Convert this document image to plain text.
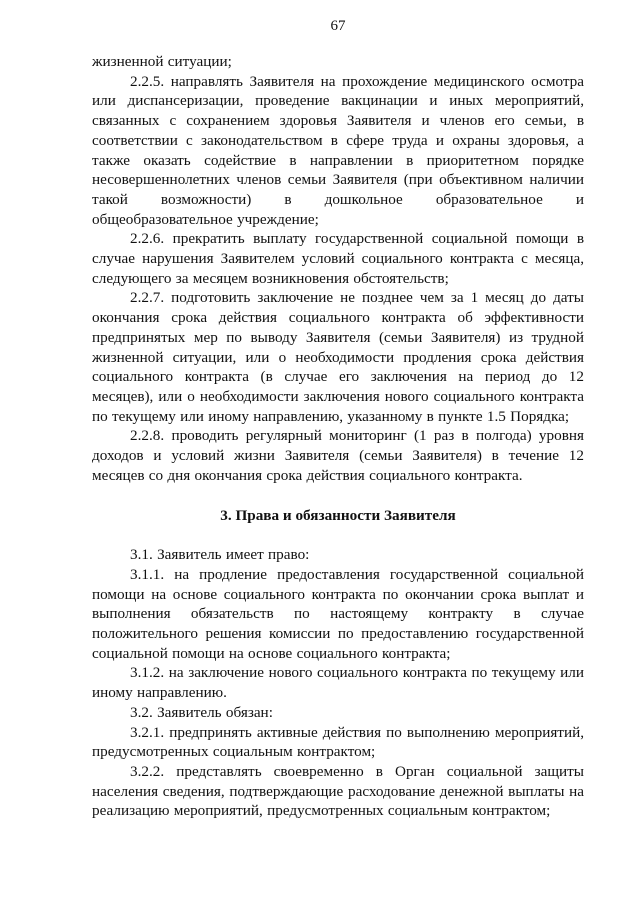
67

жизненной ситуации;

2.2.5. направлять Заявителя на прохождение медицинского осмотра или диспансеризации, проведение вакцинации и иных мероприятий, связанных с сохранением здоровья Заявителя и членов его семьи, в соответствии с законодательством в сфере труда и охраны здоровья, а также оказать содействие в направлении в приоритетном порядке несовершеннолетних членов семьи Заявителя (при объективном наличии такой возможности) в дошкольное образовательное и общеобразовательное учреждение;

2.2.6. прекратить выплату государственной социальной помощи в случае нарушения Заявителем условий социального контракта с месяца, следующего за месяцем возникновения обстоятельств;

2.2.7. подготовить заключение не позднее чем за 1 месяц до даты окончания срока действия социального контракта об эффективности предпринятых мер по выводу Заявителя (семьи Заявителя) из трудной жизненной ситуации, или о необходимости продления срока действия социального контракта (в случае его заключения на период до 12 месяцев), или о необходимости заключения нового социального контракта по текущему или иному направлению, указанному в пункте 1.5 Порядка;

2.2.8. проводить регулярный мониторинг (1 раз в полгода) уровня доходов и условий жизни Заявителя (семьи Заявителя) в течение 12 месяцев со дня окончания срока действия социального контракта.

3. Права и обязанности Заявителя

3.1. Заявитель имеет право:

3.1.1. на продление предоставления государственной социальной помощи на основе социального контракта по окончании срока выплат и выполнения обязательств по настоящему контракту в случае положительного решения комиссии по предоставлению государственной социальной помощи на основе социального контракта;

3.1.2. на заключение нового социального контракта по текущему или иному направлению.

3.2. Заявитель обязан:

3.2.1. предпринять активные действия по выполнению мероприятий, предусмотренных социальным контрактом;

3.2.2. представлять своевременно в Орган социальной защиты населения сведения, подтверждающие расходование денежной выплаты на реализацию мероприятий, предусмотренных социальным контрактом;
